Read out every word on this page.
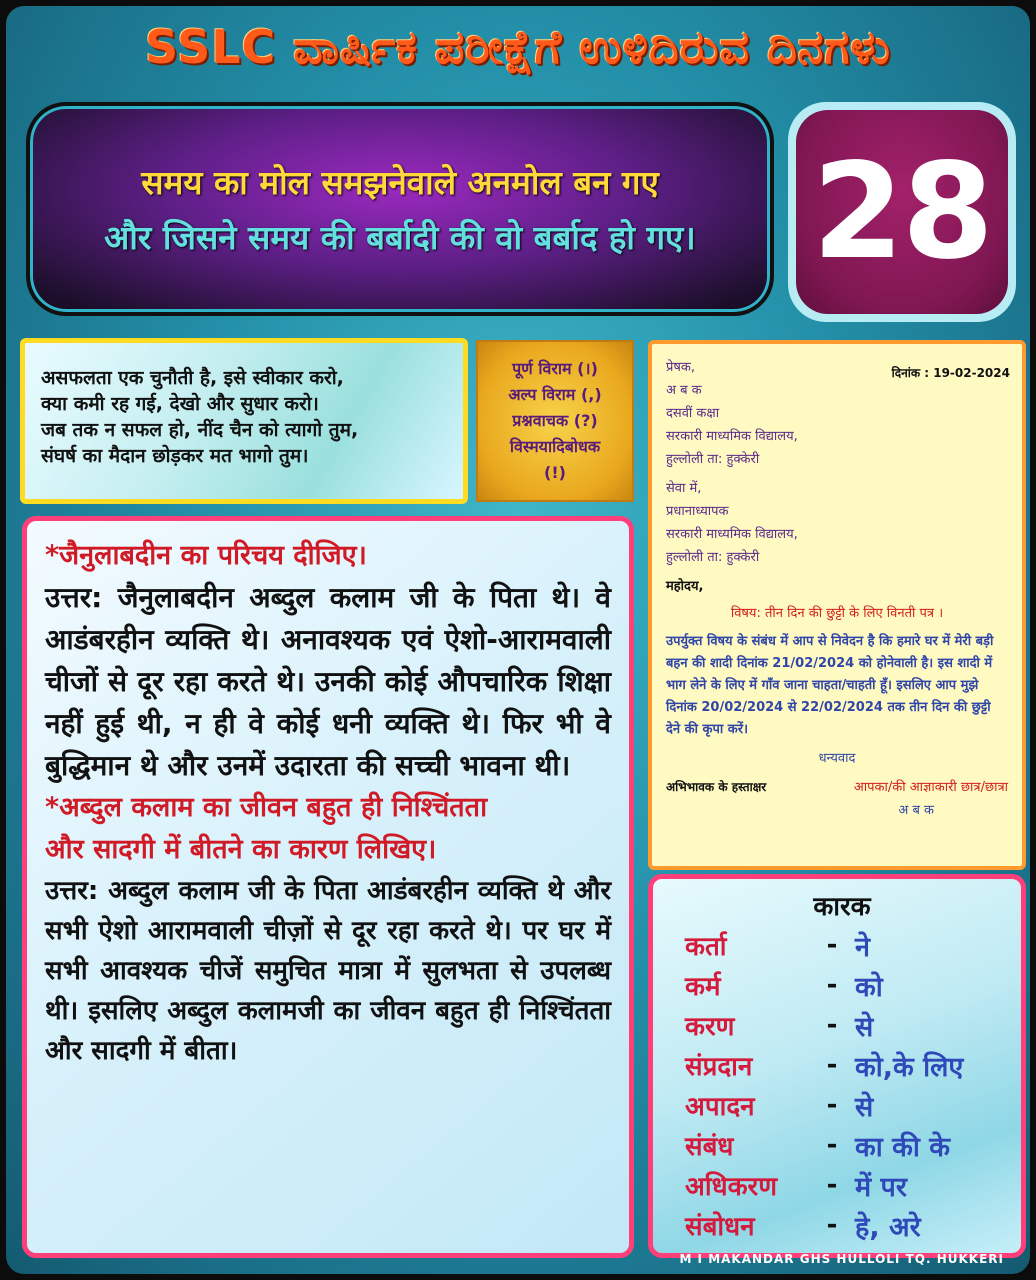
SSLC ವಾರ್ಷಿಕ ಪರೀಕ್ಷೆಗೆ ಉಳಿದಿರುವ ದಿನಗಳು
समय का मोल समझनेवाले अनमोल बन गए
और जिसने समय की बर्बादी की वो बर्बाद हो गए। 28

असफलता एक चुनौती है, इसे स्वीकार करो,

क्या कमी रह गई, देखो और सुधार करो।

जब तक न सफल हो, नींद चैन को त्यागो तुम,

संघर्ष का मैदान छोड़कर मत भागो तुम।

पूर्ण विराम (।)

अल्प विराम (,)

प्रश्नवाचक (?)

विस्मयादिबोधक

(!)

दिनांक : 19-02-2024
प्रेषक,
अ ब क
दसवीं कक्षा
सरकारी माध्यमिक विद्यालय,
हुल्लोली ता: हुक्केरी
सेवा में,
प्रधानाध्यापक
सरकारी माध्यमिक विद्यालय,
हुल्लोली ता: हुक्केरी
महोदय,
विषय: तीन दिन की छुट्टी के लिए विनती पत्र ।
उपर्युक्त विषय के संबंध में आप से निवेदन है कि हमारे घर में मेरी बड़ी बहन की शादी दिनांक 21/02/2024 को होनेवाली है। इस शादी में भाग लेने के लिए में गाँव जाना चाहता/चाहती हूँ। इसलिए आप मुझे दिनांक 20/02/2024 से 22/02/2024 तक तीन दिन की छुट्टी देने की कृपा करें।
धन्यवाद
अभिभावक के हस्ताक्षर	आपका/की आज्ञाकारी छात्र/छात्रा
अ ब क
*जैनुलाबदीन का परिचय दीजिए।
उत्तर: जैनुलाबदीन अब्दुल कलाम जी के पिता थे। वे आडंबरहीन व्यक्ति थे। अनावश्यक एवं ऐशो-आरामवाली चीजों से दूर रहा करते थे। उनकी कोई औपचारिक शिक्षा नहीं हुई थी, न ही वे कोई धनी व्यक्ति थे। फिर भी वे बुद्धिमान थे और उनमें उदारता की सच्ची भावना थी।
*अब्दुल कलाम का जीवन बहुत ही निश्चिंतता
और सादगी में बीतने का कारण लिखिए।
उत्तर: अब्दुल कलाम जी के पिता आडंबरहीन व्यक्ति थे और सभी ऐशो आरामवाली चीज़ों से दूर रहा करते थे। पर घर में सभी आवश्यक चीजें समुचित मात्रा में सुलभता से उपलब्ध थी। इसलिए अब्दुल कलामजी का जीवन बहुत ही निश्चिंतता और सादगी में बीता।
कारक
कर्ता	- ने
कर्म	- को
करण	- से
संप्रदान	- को,के लिए
अपादन	- से
संबंध	- का की के
अधिकरण	- में पर
संबोधन	- हे, अरे
M I MAKANDAR GHS HULLOLI TQ. HUKKERI
